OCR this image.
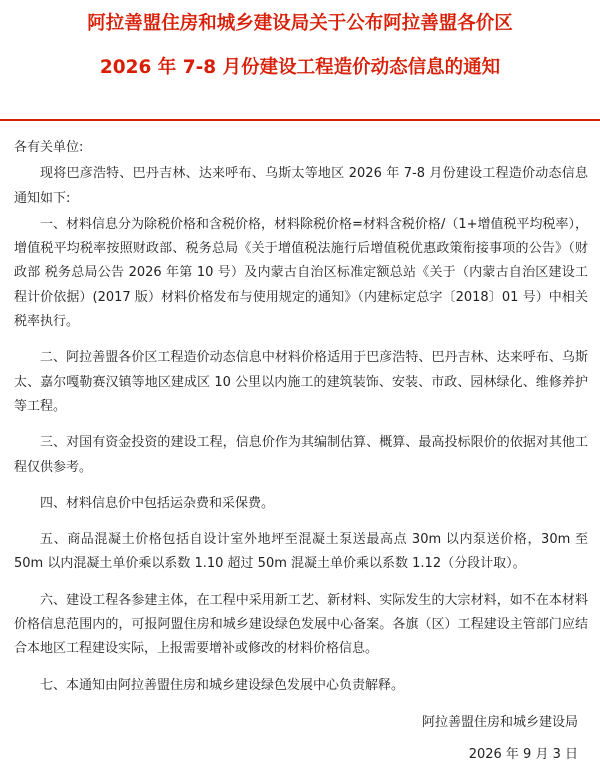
阿拉善盟住房和城乡建设局关于公布阿拉善盟各价区
2026 年 7-8 月份建设工程造价动态信息的通知

各有关单位:

现将巴彦浩特、巴丹吉林、达来呼布、乌斯太等地区 2026 年 7-8 月份建设工程造价动态信息通知如下:

一、材料信息分为除税价格和含税价格，材料除税价格=材料含税价格/（1+增值税平均税率），增值税平均税率按照财政部、税务总局《关于增值税法施行后增值税优惠政策衔接事项的公告》（财政部 税务总局公告 2026 年第 10 号）及内蒙古自治区标准定额总站《关于（内蒙古自治区建设工程计价依据）(2017 版）材料价格发布与使用规定的通知》（内建标定总字〔2018〕01 号）中相关税率执行。

二、阿拉善盟各价区工程造价动态信息中材料价格适用于巴彦浩特、巴丹吉林、达来呼布、乌斯太、嘉尔嘎勒赛汉镇等地区建成区 10 公里以内施工的建筑装饰、安装、市政、园林绿化、维修养护等工程。

三、对国有资金投资的建设工程，信息价作为其编制估算、概算、最高投标限价的依据对其他工程仅供参考。

四、材料信息价中包括运杂费和采保费。

五、商品混凝土价格包括自设计室外地坪至混凝土泵送最高点 30m 以内泵送价格，30m 至 50m 以内混凝土单价乘以系数 1.10 超过 50m 混凝土单价乘以系数 1.12（分段计取）。

六、建设工程各参建主体，在工程中采用新工艺、新材料、实际发生的大宗材料，如不在本材料价格信息范围内的，可报阿盟住房和城乡建设绿色发展中心备案。各旗（区）工程建设主管部门应结合本地区工程建设实际，上报需要增补或修改的材料价格信息。

七、本通知由阿拉善盟住房和城乡建设绿色发展中心负责解释。

阿拉善盟住房和城乡建设局
2026 年 9 月 3 日
